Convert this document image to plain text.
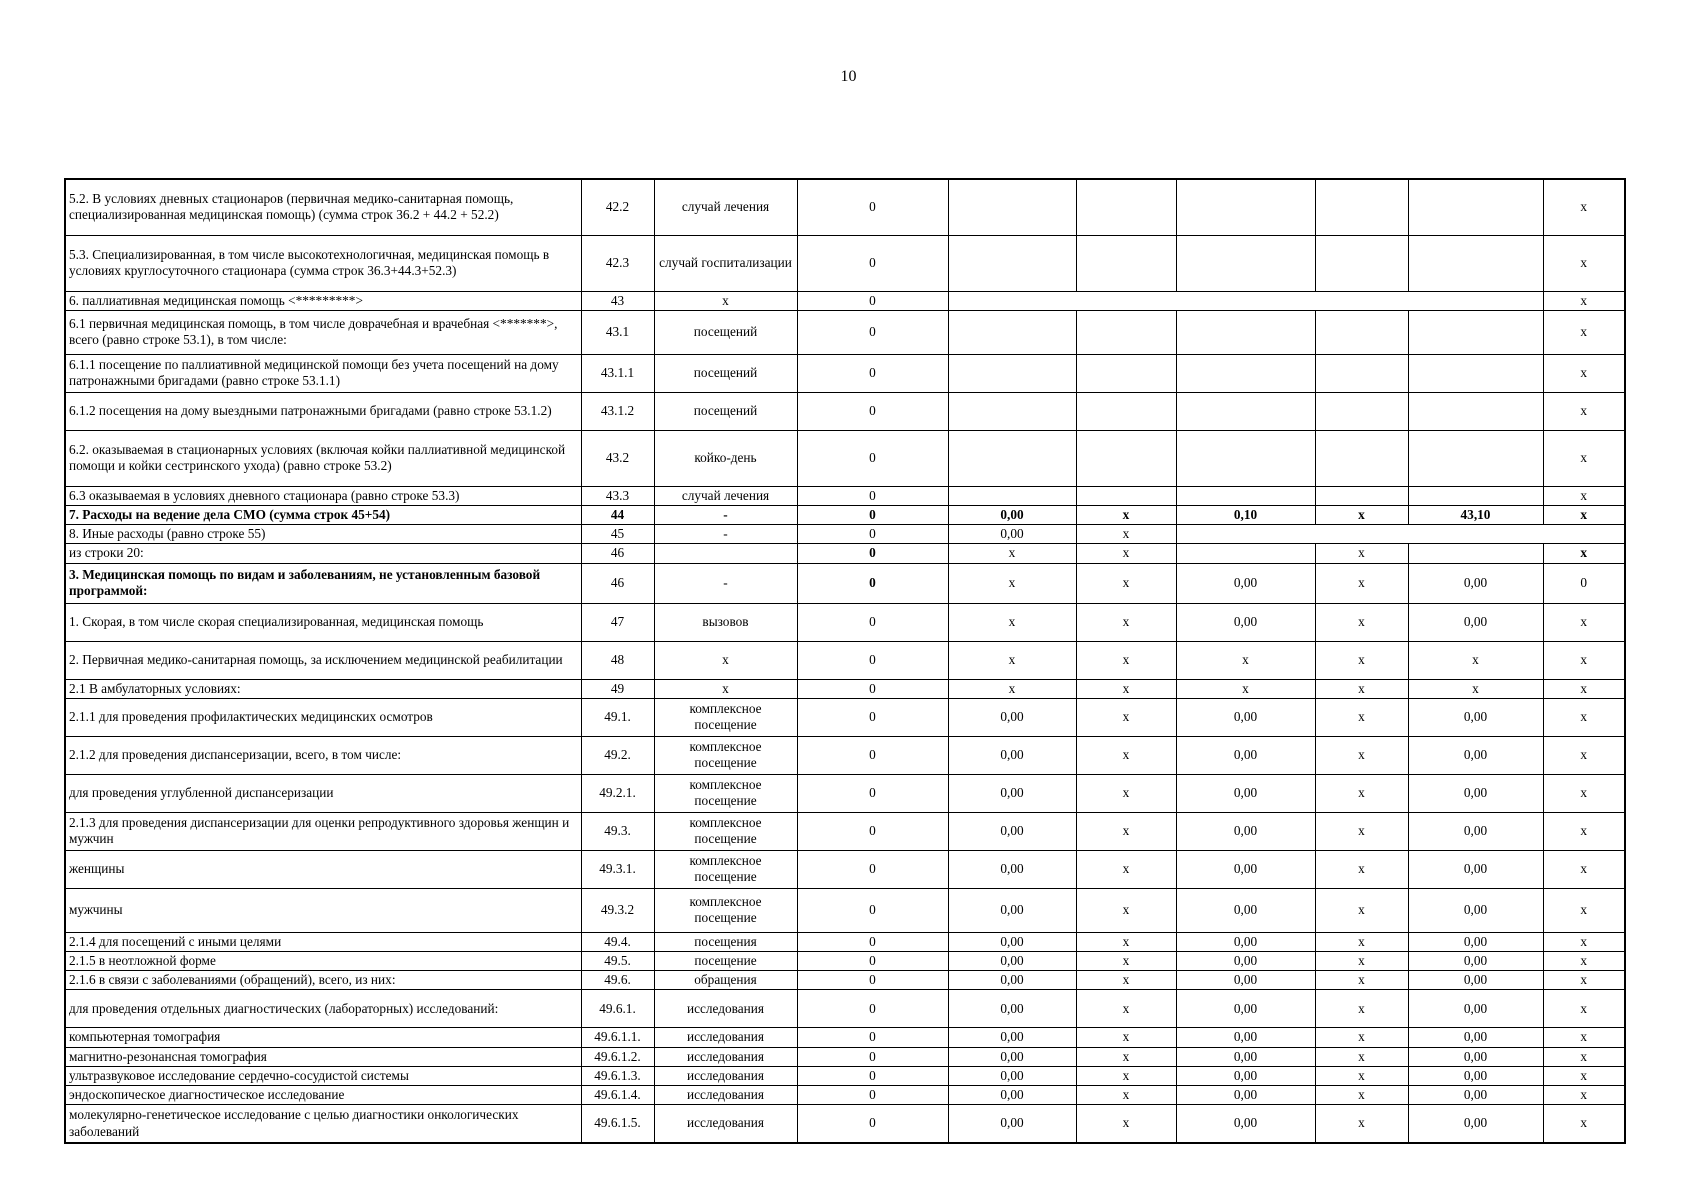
10
5.2. В условиях дневных стационаров (первичная медико-санитарная помощь, специализированная медицинская помощь) (сумма строк 36.2 + 44.2 + 52.2)	42.2	случай лечения	0						x
5.3. Специализированная, в том числе высокотехнологичная, медицинская помощь в условиях круглосуточного стационара (сумма строк 36.3+44.3+52.3)	42.3	случай госпитализации	0						x
6. паллиативная медицинская помощь <*********>	43	x	0						x
6.1 первичная медицинская помощь, в том числе доврачебная и врачебная <*******>, всего (равно строке 53.1), в том числе:	43.1	посещений	0						x
6.1.1 посещение по паллиативной медицинской помощи без учета посещений на дому патронажными бригадами (равно строке 53.1.1)	43.1.1	посещений	0						x
6.1.2 посещения на дому выездными патронажными бригадами (равно строке 53.1.2)	43.1.2	посещений	0						x
6.2. оказываемая в стационарных условиях (включая койки паллиативной медицинской помощи и койки сестринского ухода) (равно строке 53.2)	43.2	койко-день	0						x
6.3 оказываемая в условиях дневного стационара (равно строке 53.3)	43.3	случай лечения	0						x
7. Расходы на ведение дела СМО (сумма строк 45+54)	44	-	0	0,00	x	0,10	x	43,10	x
8. Иные расходы (равно строке 55)	45	-	0	0,00	x				
из строки 20:	46		0	x	x		x		x
3. Медицинская помощь по видам и заболеваниям, не установленным базовой программой:	46	-	0	x	x	0,00	x	0,00	0
1. Скорая, в том числе скорая специализированная, медицинская помощь	47	вызовов	0	x	x	0,00	x	0,00	x
2. Первичная медико-санитарная помощь, за исключением медицинской реабилитации	48	x	0	x	x	x	x	x	x
2.1 В амбулаторных условиях:	49	x	0	x	x	x	x	x	x
2.1.1 для проведения профилактических медицинских осмотров	49.1.	комплексное посещение	0	0,00	x	0,00	x	0,00	x
2.1.2 для проведения диспансеризации, всего, в том числе:	49.2.	комплексное посещение	0	0,00	x	0,00	x	0,00	x
для проведения углубленной диспансеризации	49.2.1.	комплексное посещение	0	0,00	x	0,00	x	0,00	x
2.1.3 для проведения диспансеризации для оценки репродуктивного здоровья женщин и мужчин	49.3.	комплексное посещение	0	0,00	x	0,00	x	0,00	x
женщины	49.3.1.	комплексное посещение	0	0,00	x	0,00	x	0,00	x
мужчины	49.3.2	комплексное посещение	0	0,00	x	0,00	x	0,00	x
2.1.4 для посещений с иными целями	49.4.	посещения	0	0,00	x	0,00	x	0,00	x
2.1.5 в неотложной форме	49.5.	посещение	0	0,00	x	0,00	x	0,00	x
2.1.6 в связи с заболеваниями (обращений), всего, из них:	49.6.	обращения	0	0,00	x	0,00	x	0,00	x
для проведения отдельных диагностических (лабораторных) исследований:	49.6.1.	исследования	0	0,00	x	0,00	x	0,00	x
компьютерная томография	49.6.1.1.	исследования	0	0,00	x	0,00	x	0,00	x
магнитно-резонансная томография	49.6.1.2.	исследования	0	0,00	x	0,00	x	0,00	x
ультразвуковое исследование сердечно-сосудистой системы	49.6.1.3.	исследования	0	0,00	x	0,00	x	0,00	x
эндоскопическое диагностическое исследование	49.6.1.4.	исследования	0	0,00	x	0,00	x	0,00	x
молекулярно-генетическое исследование с целью диагностики онкологических заболеваний	49.6.1.5.	исследования	0	0,00	x	0,00	x	0,00	x
